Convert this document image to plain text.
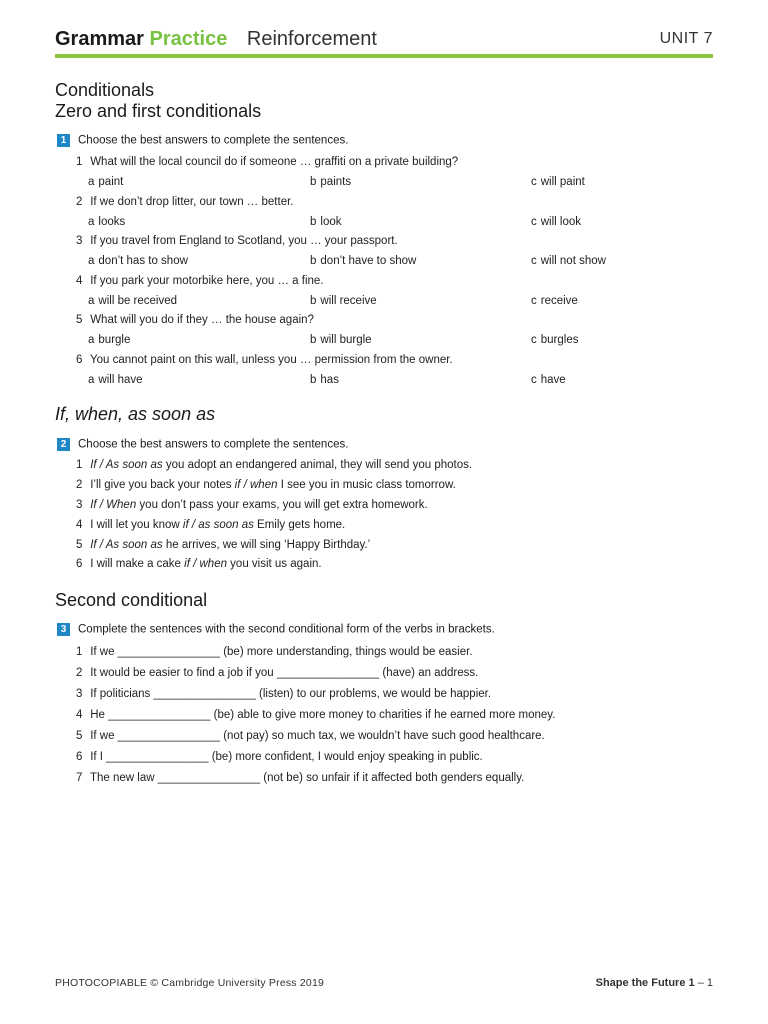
Grammar Practice Reinforcement	UNIT 7
Conditionals
Zero and first conditionals
1 Choose the best answers to complete the sentences.
1 What will the local council do if someone … graffiti on a private building?
a paint	b paints	c will paint
2 If we don’t drop litter, our town … better.
a looks	b look	c will look
3 If you travel from England to Scotland, you … your passport.
a don’t has to show	b don’t have to show	c will not show
4 If you park your motorbike here, you … a fine.
a will be received	b will receive	c receive
5 What will you do if they … the house again?
a burgle	b will burgle	c burgles
6 You cannot paint on this wall, unless you … permission from the owner.
a will have	b has	c have
If, when, as soon as
2 Choose the best answers to complete the sentences.
1 If / As soon as you adopt an endangered animal, they will send you photos.
2 I’ll give you back your notes if / when I see you in music class tomorrow.
3 If / When you don’t pass your exams, you will get extra homework.
4 I will let you know if / as soon as Emily gets home.
5 If / As soon as he arrives, we will sing ‘Happy Birthday.’
6 I will make a cake if / when you visit us again.
Second conditional
3 Complete the sentences with the second conditional form of the verbs in brackets.
1 If we ________________ (be) more understanding, things would be easier.
2 It would be easier to find a job if you ________________ (have) an address.
3 If politicians ________________ (listen) to our problems, we would be happier.
4 He ________________ (be) able to give more money to charities if he earned more money.
5 If we ________________ (not pay) so much tax, we wouldn’t have such good healthcare.
6 If I ________________ (be) more confident, I would enjoy speaking in public.
7 The new law ________________ (not be) so unfair if it affected both genders equally.
PHOTOCOPIABLE © Cambridge University Press 2019	Shape the Future 1 – 1
